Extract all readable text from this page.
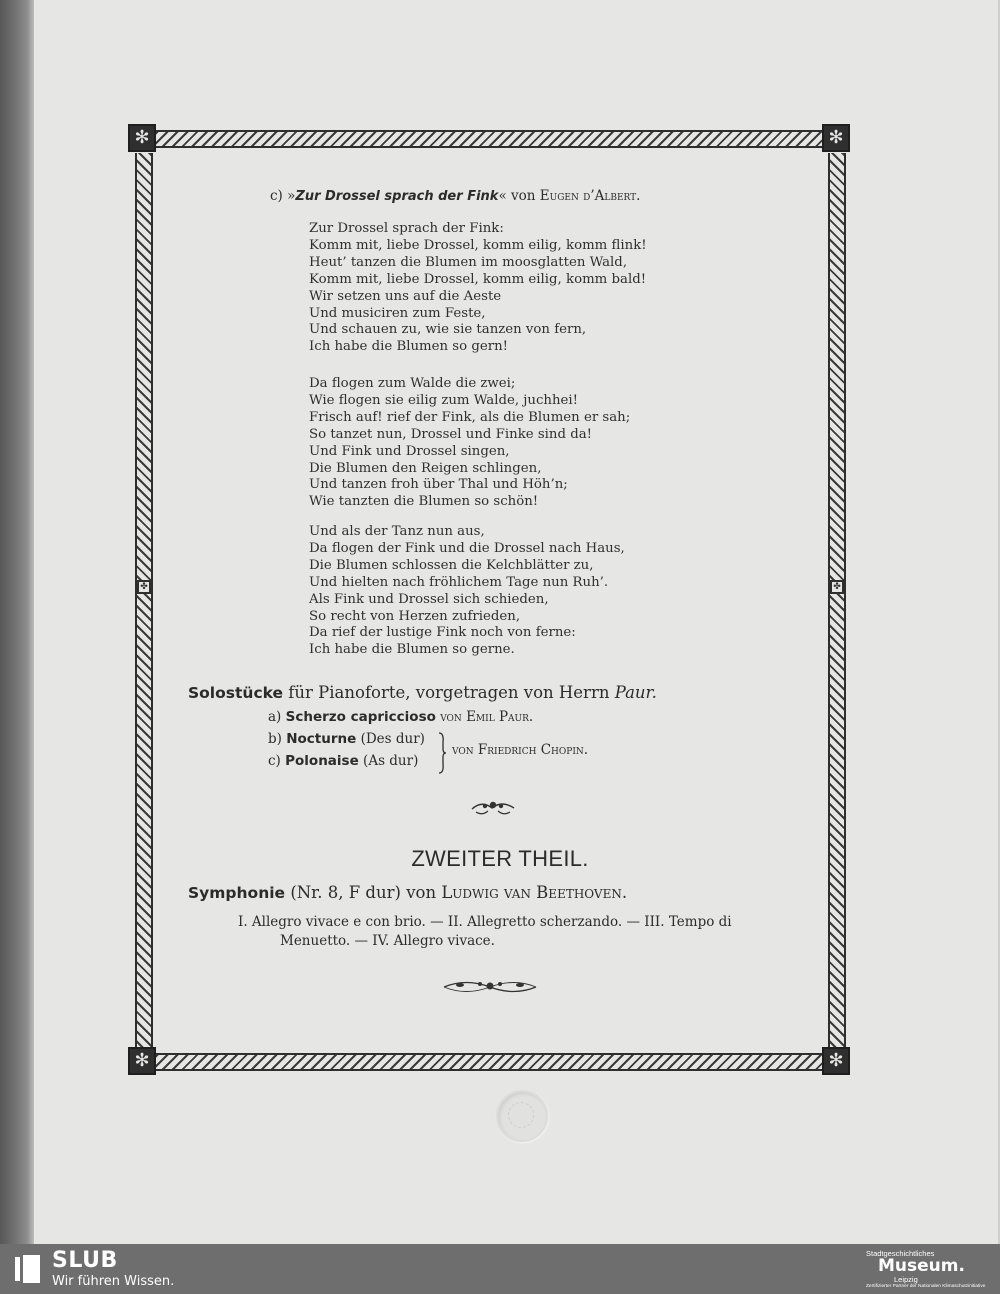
✻	✻
✻	✻
✤	✤
c) »Zur Drossel sprach der Fink« von Eugen d’Albert.
Zur Drossel sprach der Fink:
Komm mit, liebe Drossel, komm eilig, komm flink!
Heut’ tanzen die Blumen im moosglatten Wald,
Komm mit, liebe Drossel, komm eilig, komm bald!
Wir setzen uns auf die Aeste
Und musiciren zum Feste,
Und schauen zu, wie sie tanzen von fern,
Ich habe die Blumen so gern!
Da flogen zum Walde die zwei;
Wie flogen sie eilig zum Walde, juchhei!
Frisch auf! rief der Fink, als die Blumen er sah;
So tanzet nun, Drossel und Finke sind da!
Und Fink und Drossel singen,
Die Blumen den Reigen schlingen,
Und tanzen froh über Thal und Höh’n;
Wie tanzten die Blumen so schön!
Und als der Tanz nun aus,
Da flogen der Fink und die Drossel nach Haus,
Die Blumen schlossen die Kelchblätter zu,
Und hielten nach fröhlichem Tage nun Ruh’.
Als Fink und Drossel sich schieden,
So recht von Herzen zufrieden,
Da rief der lustige Fink noch von ferne:
Ich habe die Blumen so gerne.
Solostücke für Pianoforte, vorgetragen von Herrn Paur.
a) Scherzo capriccioso von Emil Paur.
b) Nocturne (Des dur)
c) Polonaise (As dur)
von Friedrich Chopin.
ZWEITER THEIL.
Symphonie (Nr. 8, F dur) von Ludwig van Beethoven.
I. Allegro vivace e con brio. — II. Allegretto scherzando. — III. Tempo di
Menuetto. — IV. Allegro vivace.
SLUB
Wir führen Wissen.
Stadtgeschichtliches
Museum.
Leipzig
Zertifizierter Partner der Nationalen Klimaschutzinitiative
